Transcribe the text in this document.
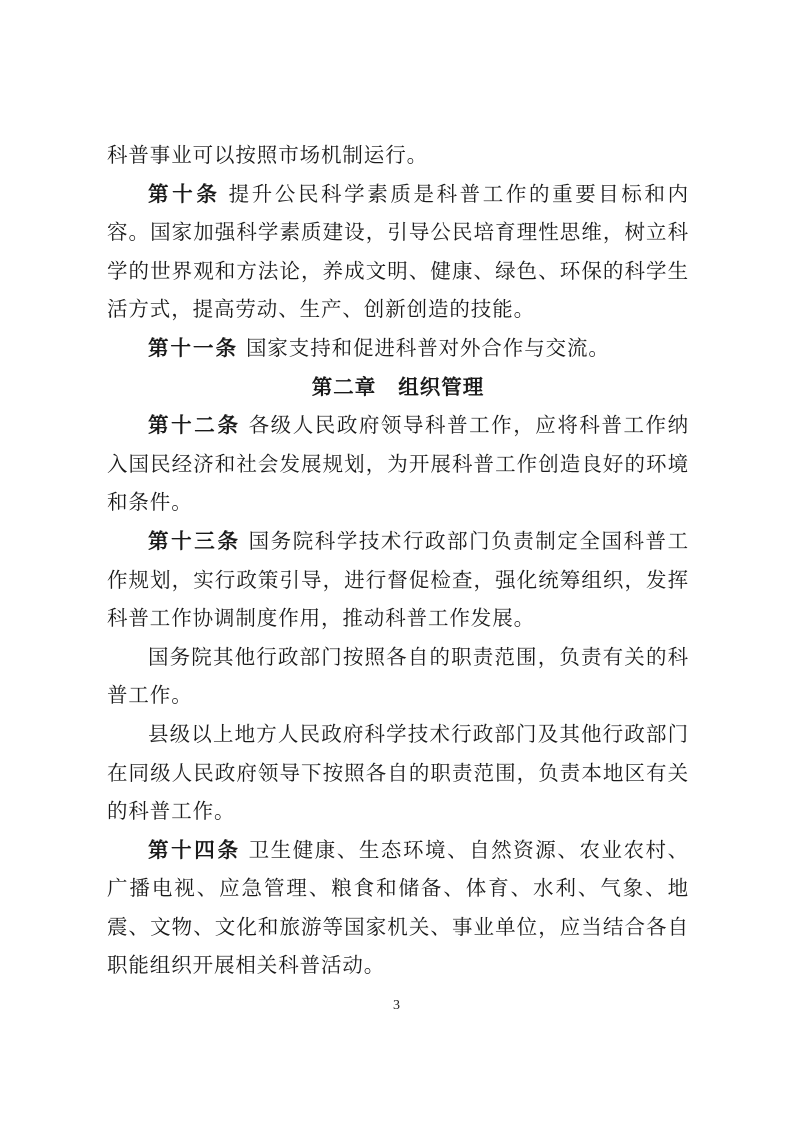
科普事业可以按照市场机制运行。

第十条 提升公民科学素质是科普工作的重要目标和内容。国家加强科学素质建设，引导公民培育理性思维，树立科学的世界观和方法论，养成文明、健康、绿色、环保的科学生活方式，提高劳动、生产、创新创造的技能。

第十一条 国家支持和促进科普对外合作与交流。

第二章 组织管理

第十二条 各级人民政府领导科普工作，应将科普工作纳入国民经济和社会发展规划，为开展科普工作创造良好的环境和条件。

第十三条 国务院科学技术行政部门负责制定全国科普工作规划，实行政策引导，进行督促检查，强化统筹组织，发挥科普工作协调制度作用，推动科普工作发展。

国务院其他行政部门按照各自的职责范围，负责有关的科普工作。

县级以上地方人民政府科学技术行政部门及其他行政部门在同级人民政府领导下按照各自的职责范围，负责本地区有关的科普工作。

第十四条 卫生健康、生态环境、自然资源、农业农村、广播电视、应急管理、粮食和储备、体育、水利、气象、地震、文物、文化和旅游等国家机关、事业单位，应当结合各自职能组织开展相关科普活动。

3
